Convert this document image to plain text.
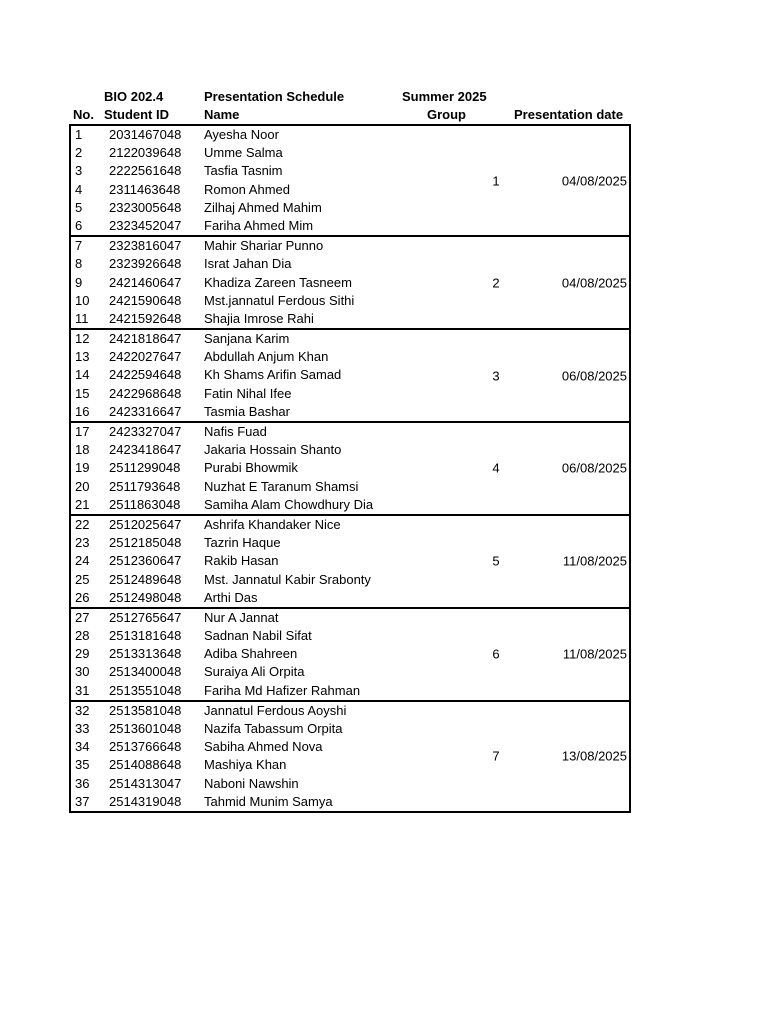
BIO 202.4	Presentation Schedule	Summer 2025
No. Student ID	Name	Group	Presentation date
1 2031467048 Ayesha Noor
2 2122039648 Umme Salma
3 2222561648 Tasfia Tasnim
4 2311463648 Romon Ahmed
5 2323005648 Zilhaj Ahmed Mahim
6 2323452047 Fariha Ahmed Mim
1	04/08/2025
7 2323816047 Mahir Shariar Punno
8 2323926648 Israt Jahan Dia
9 2421460647 Khadiza Zareen Tasneem
10 2421590648 Mst.jannatul Ferdous Sithi
11 2421592648 Shajia Imrose Rahi
2	04/08/2025
12 2421818647 Sanjana Karim
13 2422027647 Abdullah Anjum Khan
14 2422594648 Kh Shams Arifin Samad
15 2422968648 Fatin Nihal Ifee
16 2423316647 Tasmia Bashar
3	06/08/2025
17 2423327047 Nafis Fuad
18 2423418647 Jakaria Hossain Shanto
19 2511299048 Purabi Bhowmik
20 2511793648 Nuzhat E Taranum Shamsi
21 2511863048 Samiha Alam Chowdhury Dia
4	06/08/2025
22 2512025647 Ashrifa Khandaker Nice
23 2512185048 Tazrin Haque
24 2512360647 Rakib Hasan
25 2512489648 Mst. Jannatul Kabir Srabonty
26 2512498048 Arthi Das
5	11/08/2025
27 2512765647 Nur A Jannat
28 2513181648 Sadnan Nabil Sifat
29 2513313648 Adiba Shahreen
30 2513400048 Suraiya Ali Orpita
31 2513551048 Fariha Md Hafizer Rahman
6	11/08/2025
32 2513581048 Jannatul Ferdous Aoyshi
33 2513601048 Nazifa Tabassum Orpita
34 2513766648 Sabiha Ahmed Nova
35 2514088648 Mashiya Khan
36 2514313047 Naboni Nawshin
37 2514319048 Tahmid Munim Samya
7	13/08/2025
